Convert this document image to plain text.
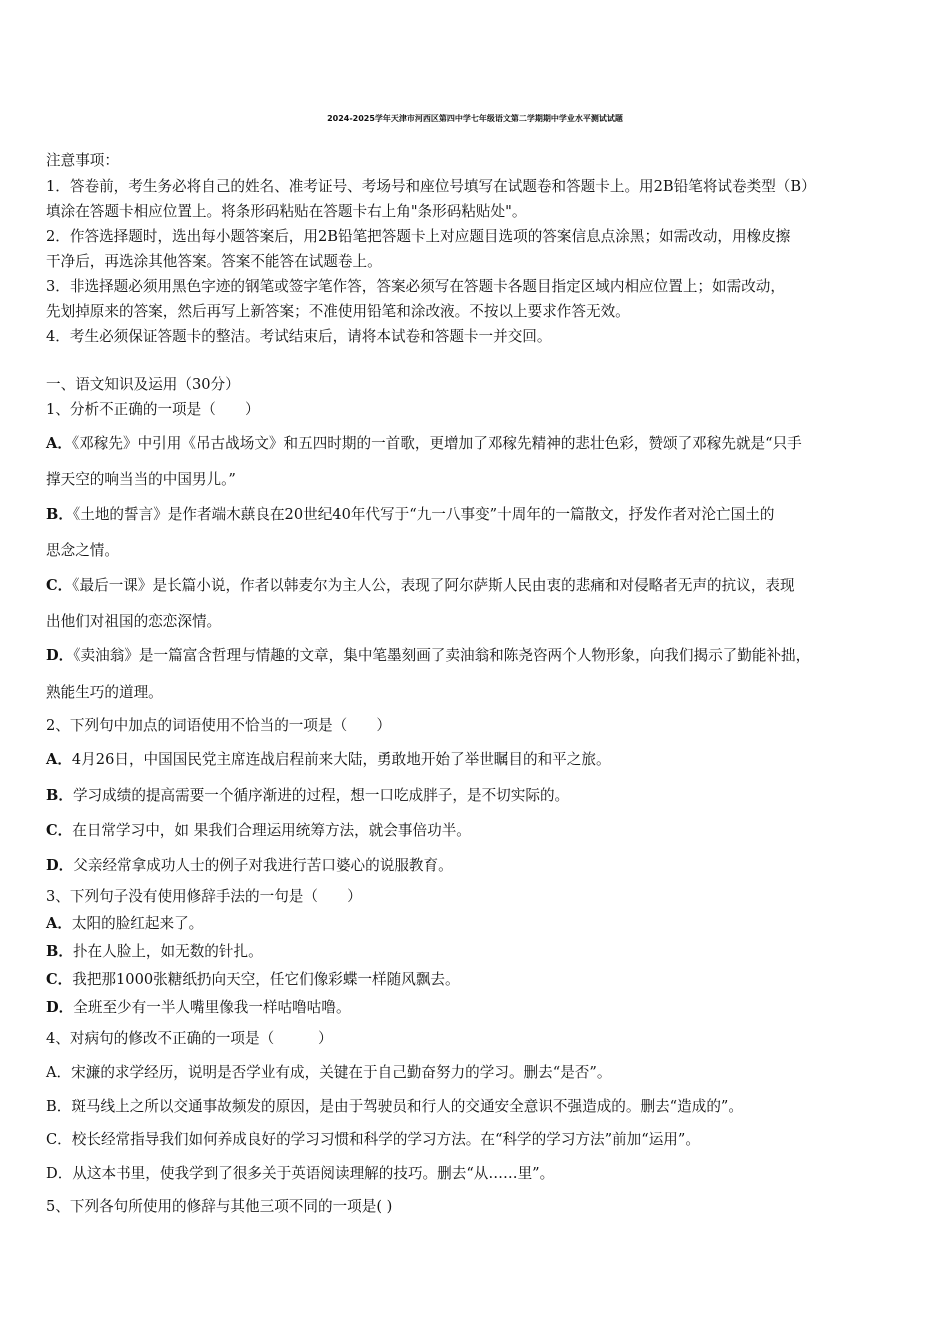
2024-2025学年天津市河西区第四中学七年级语文第二学期期中学业水平测试试题
注意事项：
1．答卷前，考生务必将自己的姓名、准考证号、考场号和座位号填写在试题卷和答题卡上。用2B铅笔将试卷类型（B）
填涂在答题卡相应位置上。将条形码粘贴在答题卡右上角"条形码粘贴处"。
2．作答选择题时，选出每小题答案后，用2B铅笔把答题卡上对应题目选项的答案信息点涂黑；如需改动，用橡皮擦
干净后，再选涂其他答案。答案不能答在试题卷上。
3．非选择题必须用黑色字迹的钢笔或签字笔作答，答案必须写在答题卡各题目指定区域内相应位置上；如需改动，
先划掉原来的答案，然后再写上新答案；不准使用铅笔和涂改液。不按以上要求作答无效。
4．考生必须保证答题卡的整洁。考试结束后，请将本试卷和答题卡一并交回。
一、语文知识及运用（30分）
1、分析不正确的一项是（　　）
A．《邓稼先》中引用《吊古战场文》和五四时期的一首歌，更增加了邓稼先精神的悲壮色彩，赞颂了邓稼先就是“只手
撑天空的响当当的中国男儿。”
B．《土地的誓言》是作者端木蕻良在20世纪40年代写于“九一八事变”十周年的一篇散文，抒发作者对沦亡国土的
思念之情。
C．《最后一课》是长篇小说，作者以韩麦尔为主人公，表现了阿尔萨斯人民由衷的悲痛和对侵略者无声的抗议，表现
出他们对祖国的恋恋深情。
D．《卖油翁》是一篇富含哲理与情趣的文章，集中笔墨刻画了卖油翁和陈尧咨两个人物形象，向我们揭示了勤能补拙，
熟能生巧的道理。
2、下列句中加点的词语使用不恰当的一项是（　　）
A．4月26日，中国国民党主席连战启程前来大陆，勇敢地开始了举世瞩目的和平之旅。
B．学习成绩的提高需要一个循序渐进的过程，想一口吃成胖子，是不切实际的。
C．在日常学习中，如 果我们合理运用统筹方法，就会事倍功半。
D．父亲经常拿成功人士的例子对我进行苦口婆心的说服教育。
3、下列句子没有使用修辞手法的一句是（　　）
A．太阳的脸红起来了。
B．扑在人脸上，如无数的针扎。
C．我把那1000张糖纸扔向天空，任它们像彩蝶一样随风飘去。
D．全班至少有一半人嘴里像我一样咕噜咕噜。
4、对病句的修改不正确的一项是（　　　）
A．宋濂的求学经历，说明是否学业有成，关键在于自己勤奋努力的学习。删去“是否”。
B．斑马线上之所以交通事故频发的原因，是由于驾驶员和行人的交通安全意识不强造成的。删去“造成的”。
C．校长经常指导我们如何养成良好的学习习惯和科学的学习方法。在“科学的学习方法”前加“运用”。
D．从这本书里，使我学到了很多关于英语阅读理解的技巧。删去“从……里”。
5、下列各句所使用的修辞与其他三项不同的一项是( )
